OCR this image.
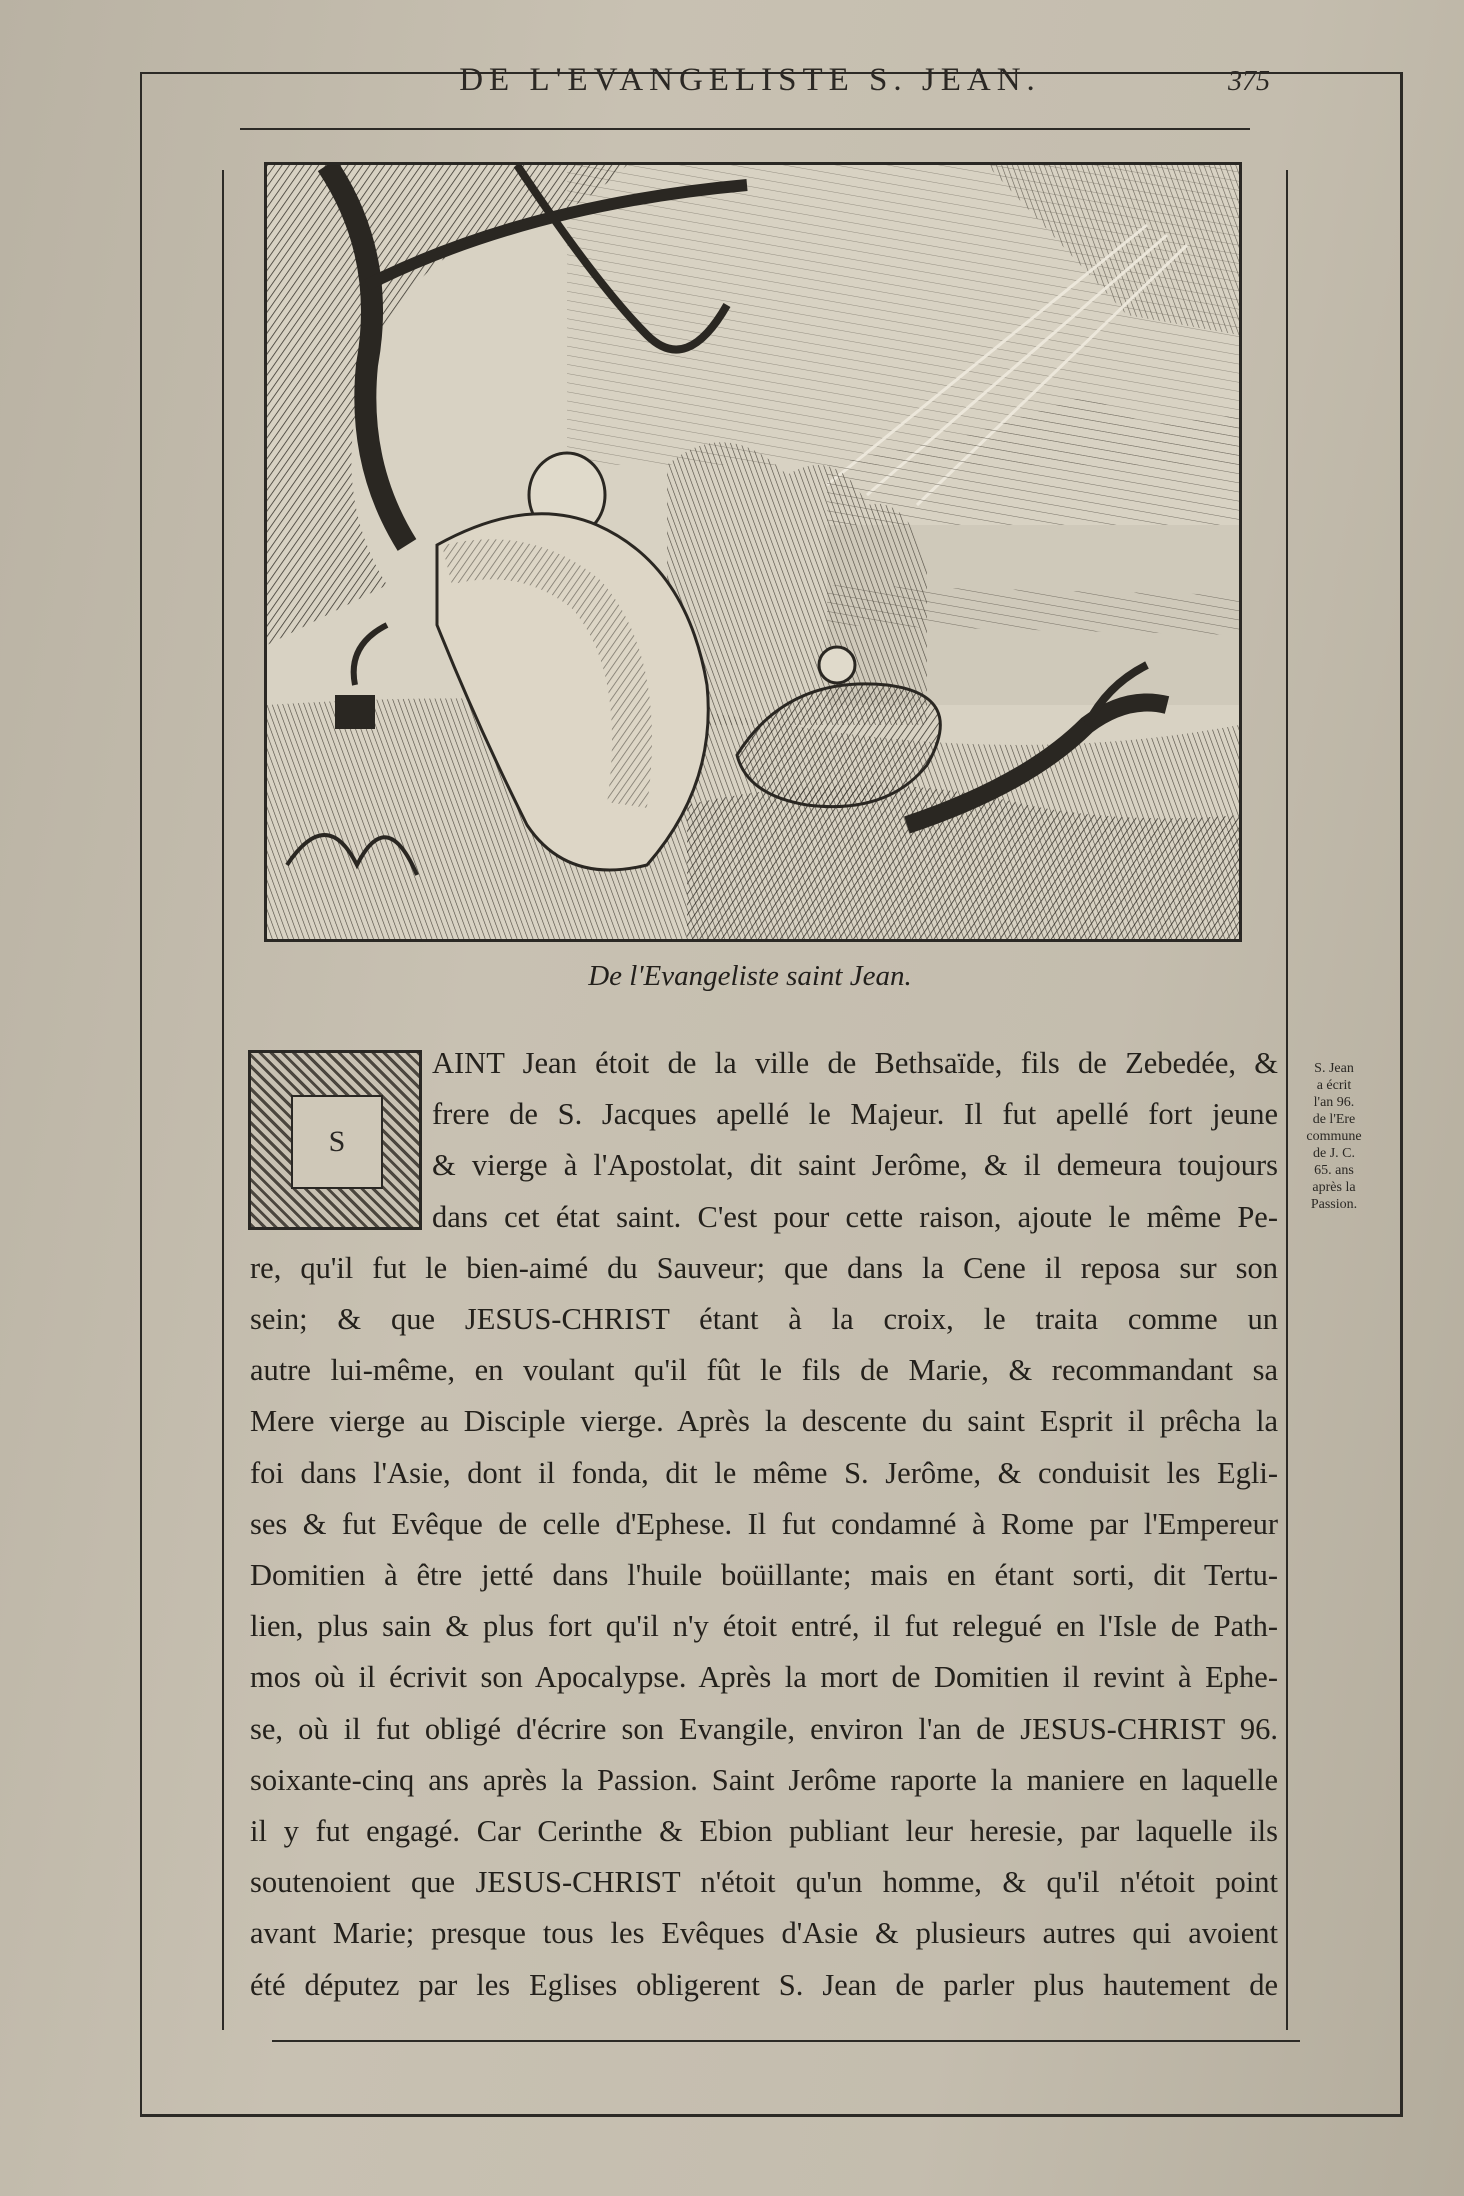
DE L'EVANGELISTE S. JEAN.	375
De l'Evangeliste saint Jean.
S
AINT Jean étoit de la ville de Bethsaïde, fils de Zebedée, &
frere de S. Jacques apellé le Majeur. Il fut apellé fort jeune
& vierge à l'Apostolat, dit saint Jerôme, & il demeura toujours
dans cet état saint. C'est pour cette raison, ajoute le même Pe-
re, qu'il fut le bien-aimé du Sauveur; que dans la Cene il reposa sur son
sein; & que JESUS-CHRIST étant à la croix, le traita comme un
autre lui-même, en voulant qu'il fût le fils de Marie, & recommandant sa
Mere vierge au Disciple vierge. Après la descente du saint Esprit il prêcha la
foi dans l'Asie, dont il fonda, dit le même S. Jerôme, & conduisit les Egli-
ses & fut Evêque de celle d'Ephese. Il fut condamné à Rome par l'Empereur
Domitien à être jetté dans l'huile boüillante; mais en étant sorti, dit Tertu-
lien, plus sain & plus fort qu'il n'y étoit entré, il fut relegué en l'Isle de Path-
mos où il écrivit son Apocalypse. Après la mort de Domitien il revint à Ephe-
se, où il fut obligé d'écrire son Evangile, environ l'an de JESUS-CHRIST 96.
soixante-cinq ans après la Passion. Saint Jerôme raporte la maniere en laquelle
il y fut engagé. Car Cerinthe & Ebion publiant leur heresie, par laquelle ils
soutenoient que JESUS-CHRIST n'étoit qu'un homme, & qu'il n'étoit point
avant Marie; presque tous les Evêques d'Asie & plusieurs autres qui avoient
été députez par les Eglises obligerent S. Jean de parler plus hautement de
S. Jean
a écrit
l'an 96.
de l'Ere
commune
de J. C.
65. ans
après la
Passion.
